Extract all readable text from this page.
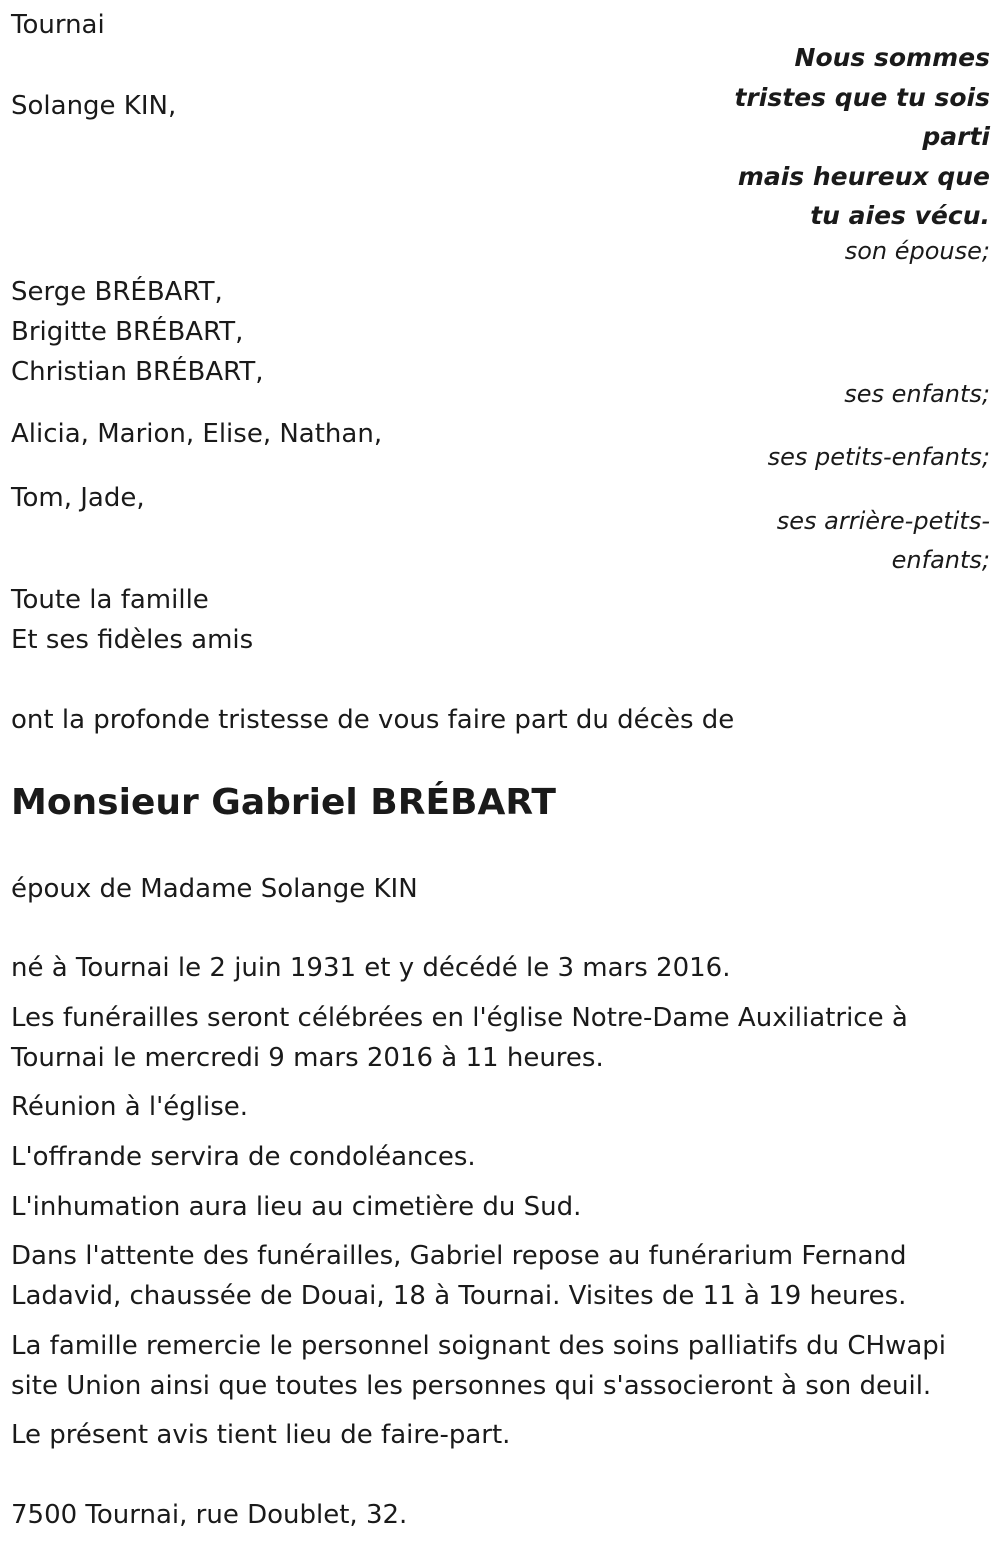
Tournai
Nous sommes
tristes que tu sois
parti
mais heureux que
tu aies vécu.
Solange KIN,
son épouse;
Serge BRÉBART,
Brigitte BRÉBART,
Christian BRÉBART,
ses enfants;
Alicia, Marion, Elise, Nathan,
ses petits-enfants;
Tom, Jade,
ses arrière-petits-
enfants;
Toute la famille
Et ses fidèles amis
ont la profonde tristesse de vous faire part du décès de
Monsieur Gabriel BRÉBART
époux de Madame Solange KIN
né à Tournai le 2 juin 1931 et y décédé le 3 mars 2016.
Les funérailles seront célébrées en l'église Notre-Dame Auxiliatrice à Tournai le mercredi 9 mars 2016 à 11 heures.
Réunion à l'église.
L'offrande servira de condoléances.
L'inhumation aura lieu au cimetière du Sud.
Dans l'attente des funérailles, Gabriel repose au funérarium Fernand Ladavid, chaussée de Douai, 18 à Tournai. Visites de 11 à 19 heures.
La famille remercie le personnel soignant des soins palliatifs du CHwapi site Union ainsi que toutes les personnes qui s'associeront à son deuil.
Le présent avis tient lieu de faire-part.
7500 Tournai, rue Doublet, 32.
